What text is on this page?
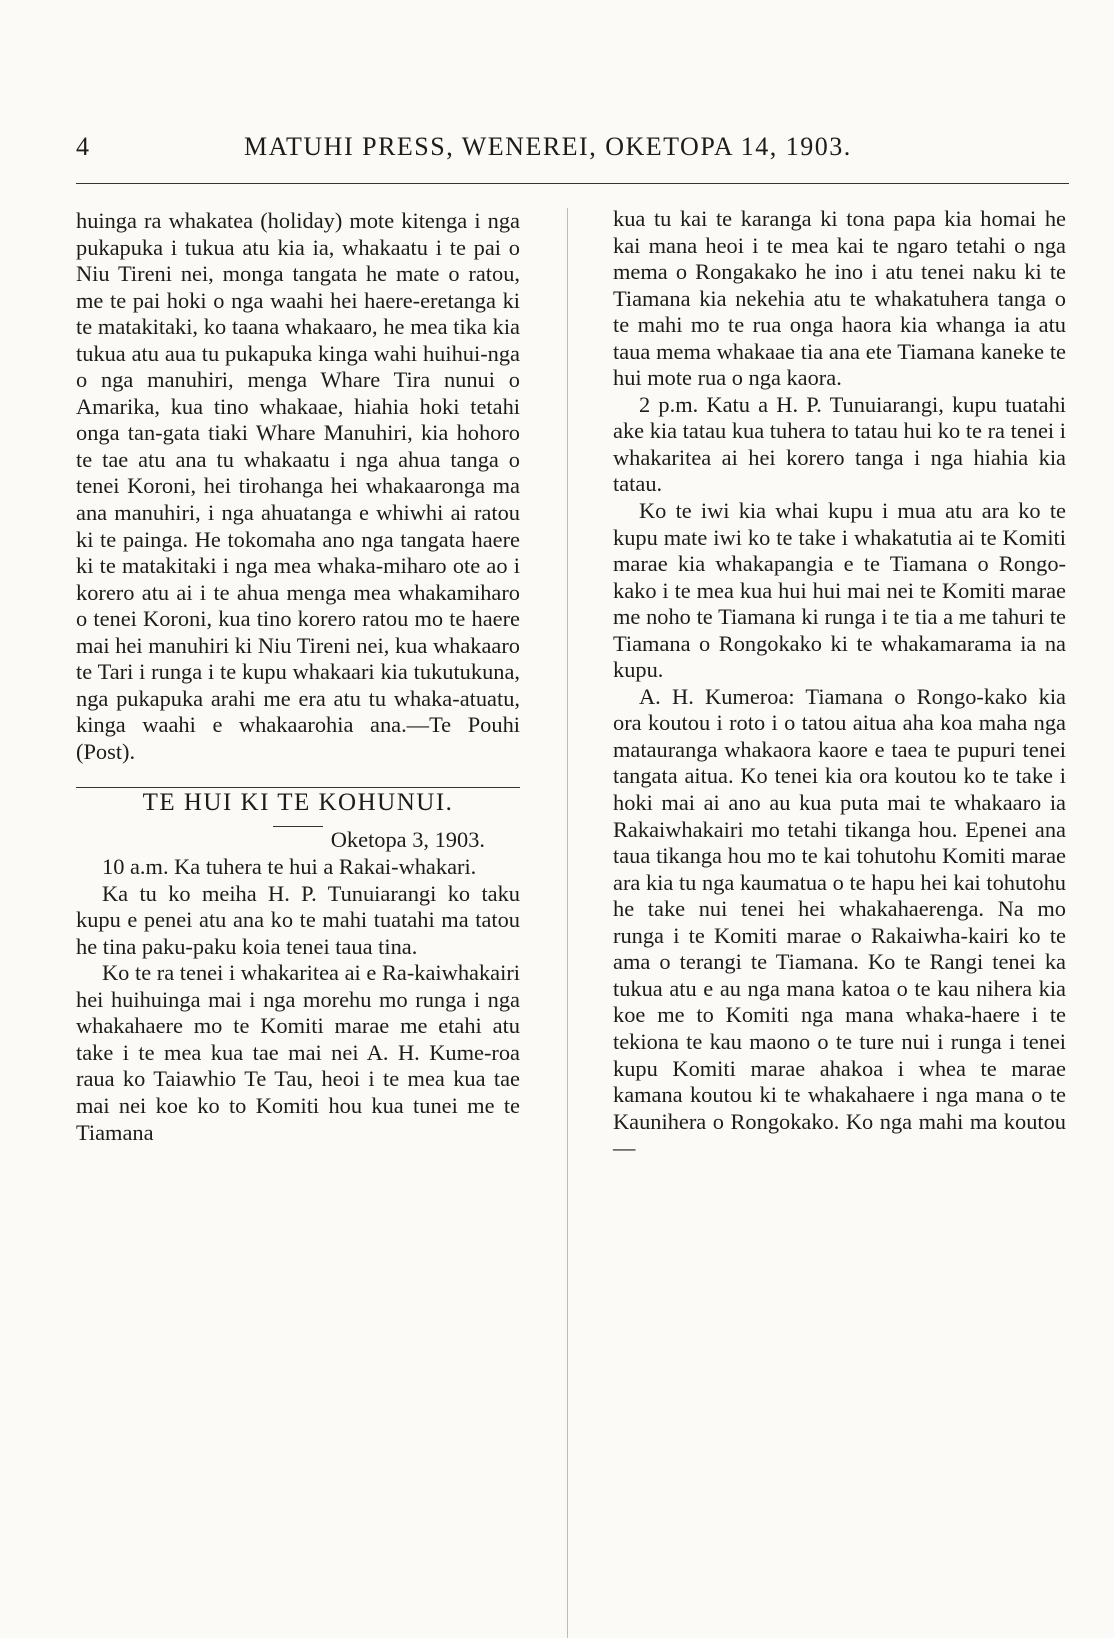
4	MATUHI PRESS, WENEREI, OKETOPA 14, 1903.

huinga ra whakatea (holiday) mote kitenga i nga pukapuka i tukua atu kia ia, whakaatu i te pai o Niu Tireni nei, monga tangata he mate o ratou, me te pai hoki o nga waahi hei haere-eretanga ki te matakitaki, ko taana whakaaro, he mea tika kia tukua atu aua tu pukapuka kinga wahi huihui-nga o nga manuhiri, menga Whare Tira nunui o Amarika, kua tino whakaae, hiahia hoki tetahi onga tan-gata tiaki Whare Manuhiri, kia hohoro te tae atu ana tu whakaatu i nga ahua tanga o tenei Koroni, hei tirohanga hei whakaaronga ma ana manuhiri, i nga ahuatanga e whiwhi ai ratou ki te painga. He tokomaha ano nga tangata haere ki te matakitaki i nga mea whaka-miharo ote ao i korero atu ai i te ahua menga mea whakamiharo o tenei Koroni, kua tino korero ratou mo te haere mai hei manuhiri ki Niu Tireni nei, kua whakaaro te Tari i runga i te kupu whakaari kia tukutukuna, nga pukapuka arahi me era atu tu whaka-atuatu, kinga waahi e whakaarohia ana.—Te Pouhi (Post).

TE HUI KI TE KOHUNUI.

Oketopa 3, 1903.

10 a.m. Ka tuhera te hui a Rakai-whakari.

Ka tu ko meiha H. P. Tunuiarangi ko taku kupu e penei atu ana ko te mahi tuatahi ma tatou he tina paku-paku koia tenei taua tina.

Ko te ra tenei i whakaritea ai e Ra-kaiwhakairi hei huihuinga mai i nga morehu mo runga i nga whakahaere mo te Komiti marae me etahi atu take i te mea kua tae mai nei A. H. Kume-roa raua ko Taiawhio Te Tau, heoi i te mea kua tae mai nei koe ko to Komiti hou kua tunei me te Tiamana

kua tu kai te karanga ki tona papa kia homai he kai mana heoi i te mea kai te ngaro tetahi o nga mema o Rongakako he ino i atu tenei naku ki te Tiamana kia nekehia atu te whakatuhera tanga o te mahi mo te rua onga haora kia whanga ia atu taua mema whakaae tia ana ete Tiamana kaneke te hui mote rua o nga kaora.

2 p.m. Katu a H. P. Tunuiarangi, kupu tuatahi ake kia tatau kua tuhera to tatau hui ko te ra tenei i whakaritea ai hei korero tanga i nga hiahia kia tatau.

Ko te iwi kia whai kupu i mua atu ara ko te kupu mate iwi ko te take i whakatutia ai te Komiti marae kia whakapangia e te Tiamana o Rongo-kako i te mea kua hui hui mai nei te Komiti marae me noho te Tiamana ki runga i te tia a me tahuri te Tiamana o Rongokako ki te whakamarama ia na kupu.

A. H. Kumeroa: Tiamana o Rongo-kako kia ora koutou i roto i o tatou aitua aha koa maha nga matauranga whakaora kaore e taea te pupuri tenei tangata aitua. Ko tenei kia ora koutou ko te take i hoki mai ai ano au kua puta mai te whakaaro ia Rakaiwhakairi mo tetahi tikanga hou. Epenei ana taua tikanga hou mo te kai tohutohu Komiti marae ara kia tu nga kaumatua o te hapu hei kai tohutohu he take nui tenei hei whakahaerenga. Na mo runga i te Komiti marae o Rakaiwha-kairi ko te ama o terangi te Tiamana. Ko te Rangi tenei ka tukua atu e au nga mana katoa o te kau nihera kia koe me to Komiti nga mana whaka-haere i te tekiona te kau maono o te ture nui i runga i tenei kupu Komiti marae ahakoa i whea te marae kamana koutou ki te whakahaere i nga mana o te Kaunihera o Rongokako. Ko nga mahi ma koutou—
